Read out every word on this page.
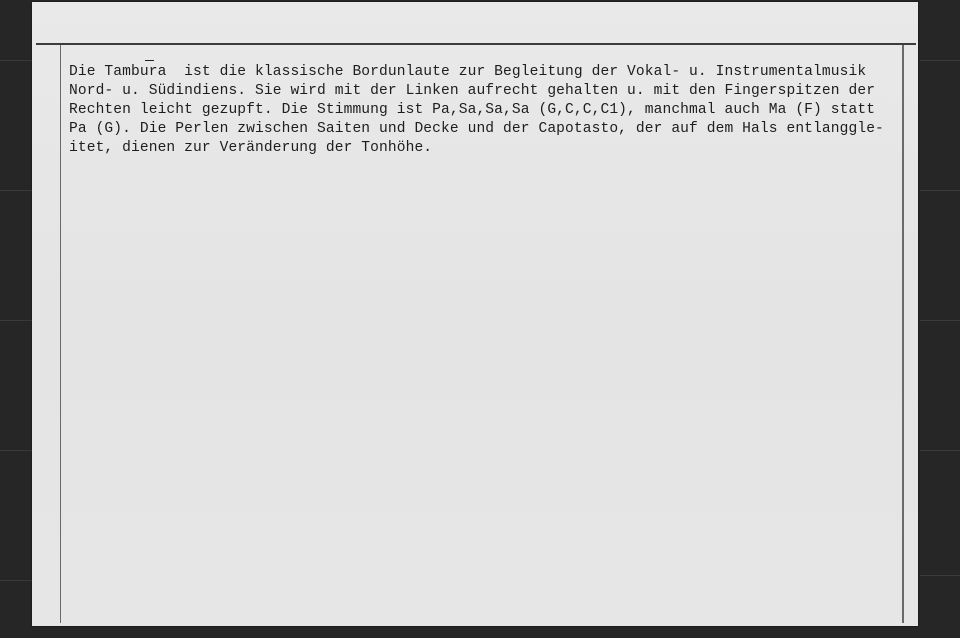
Die Tambura  ist die klassische Bordunlaute zur Begleitung der Vokal- u. Instrumentalmusik
Nord- u. Südindiens. Sie wird mit der Linken aufrecht gehalten u. mit den Fingerspitzen der
Rechten leicht gezupft. Die Stimmung ist Pa,Sa,Sa,Sa (G,C,C,C1), manchmal auch Ma (F) statt
Pa (G). Die Perlen zwischen Saiten und Decke und der Capotasto, der auf dem Hals entlanggle-
itet, dienen zur Veränderung der Tonhöhe.
